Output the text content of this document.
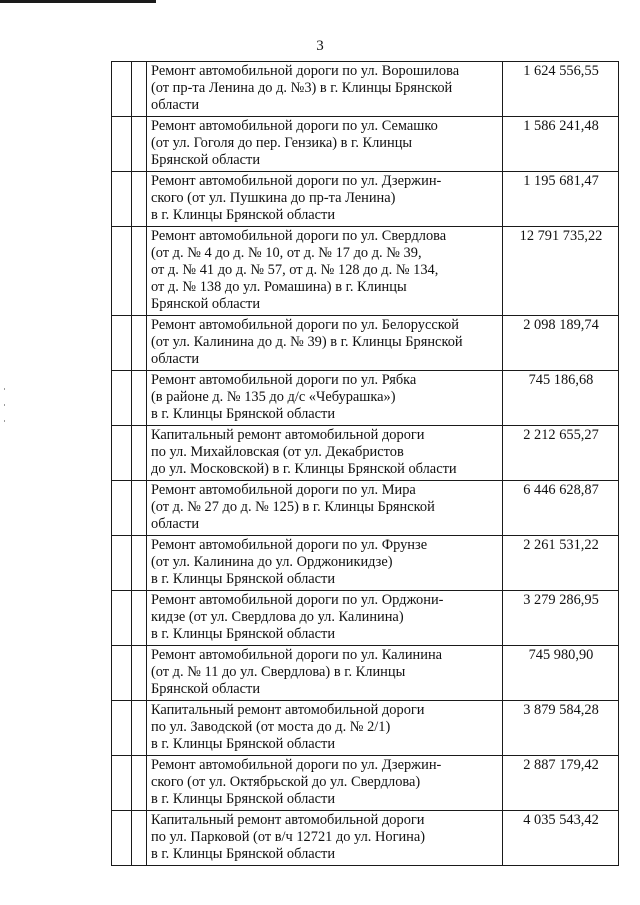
3
		Ремонт автомобильной дороги по ул. Ворошилова
(от пр-та Ленина до д. №3) в г. Клинцы Брянской
области	1 624 556,55
		Ремонт автомобильной дороги по ул. Семашко
(от ул. Гоголя до пер. Гензика) в г. Клинцы
Брянской области	1 586 241,48
		Ремонт автомобильной дороги по ул. Дзержин-
ского (от ул. Пушкина до пр-та Ленина)
в г. Клинцы Брянской области	1 195 681,47
		Ремонт автомобильной дороги по ул. Свердлова
(от д. № 4 до д. № 10, от д. № 17 до д. № 39,
от д. № 41 до д. № 57, от д. № 128 до д. № 134,
от д. № 138 до ул. Ромашина) в г. Клинцы
Брянской области	12 791 735,22
		Ремонт автомобильной дороги по ул. Белорусской
(от ул. Калинина до д. № 39) в г. Клинцы Брянской
области	2 098 189,74
		Ремонт автомобильной дороги по ул. Рябка
(в районе д. № 135 до д/с «Чебурашка»)
в г. Клинцы Брянской области	745 186,68
		Капитальный ремонт автомобильной дороги
по ул. Михайловская (от ул. Декабристов
до ул. Московской) в г. Клинцы Брянской области	2 212 655,27
		Ремонт автомобильной дороги по ул. Мира
(от д. № 27 до д. № 125) в г. Клинцы Брянской
области	6 446 628,87
		Ремонт автомобильной дороги по ул. Фрунзе
(от ул. Калинина до ул. Орджоникидзе)
в г. Клинцы Брянской области	2 261 531,22
		Ремонт автомобильной дороги по ул. Орджони-
кидзе (от ул. Свердлова до ул. Калинина)
в г. Клинцы Брянской области	3 279 286,95
		Ремонт автомобильной дороги по ул. Калинина
(от д. № 11 до ул. Свердлова) в г. Клинцы
Брянской области	745 980,90
		Капитальный ремонт автомобильной дороги
по ул. Заводской (от моста до д. № 2/1)
в г. Клинцы Брянской области	3 879 584,28
		Ремонт автомобильной дороги по ул. Дзержин-
ского (от ул. Октябрьской до ул. Свердлова)
в г. Клинцы Брянской области	2 887 179,42
		Капитальный ремонт автомобильной дороги
по ул. Парковой (от в/ч 12721 до ул. Ногина)
в г. Клинцы Брянской области	4 035 543,42
